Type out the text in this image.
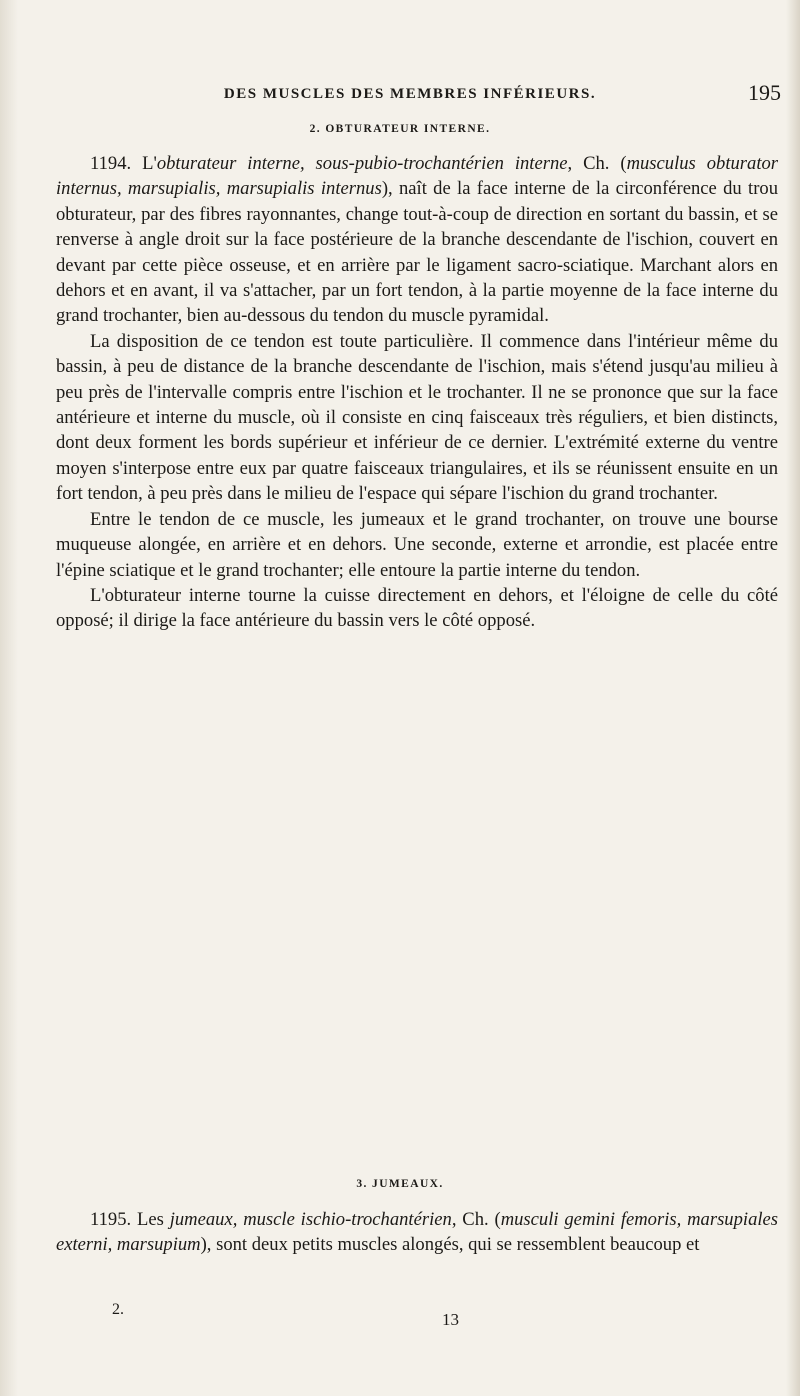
DES MUSCLES DES MEMBRES INFÉRIEURS.	195
2. OBTURATEUR INTERNE.

1194. L'obturateur interne, sous-pubio-trochantérien interne, Ch. (musculus obturator internus, marsupialis, marsupialis internus), naît de la face interne de la circonférence du trou obturateur, par des fibres rayonnantes, change tout-à-coup de direction en sortant du bassin, et se renverse à angle droit sur la face postérieure de la branche descendante de l'ischion, couvert en devant par cette pièce osseuse, et en arrière par le ligament sacro-sciatique. Marchant alors en dehors et en avant, il va s'attacher, par un fort tendon, à la partie moyenne de la face interne du grand trochanter, bien au-dessous du tendon du muscle pyramidal.

La disposition de ce tendon est toute particulière. Il commence dans l'intérieur même du bassin, à peu de distance de la branche descendante de l'ischion, mais s'étend jusqu'au milieu à peu près de l'intervalle compris entre l'ischion et le trochanter. Il ne se prononce que sur la face antérieure et interne du muscle, où il consiste en cinq faisceaux très réguliers, et bien distincts, dont deux forment les bords supérieur et inférieur de ce dernier. L'extrémité externe du ventre moyen s'interpose entre eux par quatre faisceaux triangulaires, et ils se réunissent ensuite en un fort tendon, à peu près dans le milieu de l'espace qui sépare l'ischion du grand trochanter.

Entre le tendon de ce muscle, les jumeaux et le grand trochanter, on trouve une bourse muqueuse alongée, en arrière et en dehors. Une seconde, externe et arrondie, est placée entre l'épine sciatique et le grand trochanter; elle entoure la partie interne du tendon.

L'obturateur interne tourne la cuisse directement en dehors, et l'éloigne de celle du côté opposé; il dirige la face antérieure du bassin vers le côté opposé.

3. JUMEAUX.

1195. Les jumeaux, muscle ischio-trochantérien, Ch. (musculi gemini femoris, marsupiales externi, marsupium), sont deux petits muscles alongés, qui se ressemblent beaucoup et

2.
13
